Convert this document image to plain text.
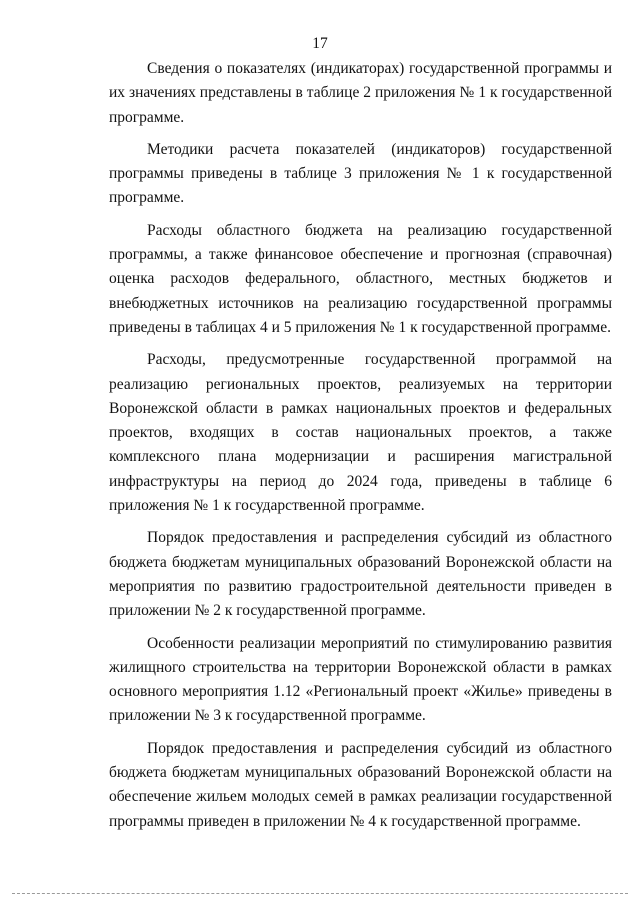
17

Сведения о показателях (индикаторах) государственной программы и их значениях представлены в таблице 2 приложения № 1 к государственной программе.

Методики расчета показателей (индикаторов) государственной программы приведены в таблице 3 приложения № 1 к государственной программе.

Расходы областного бюджета на реализацию государственной программы, а также финансовое обеспечение и прогнозная (справочная) оценка расходов федерального, областного, местных бюджетов и внебюджетных источников на реализацию государственной программы приведены в таблицах 4 и 5 приложения № 1 к государственной программе.

Расходы, предусмотренные государственной программой на реализацию региональных проектов, реализуемых на территории Воронежской области в рамках национальных проектов и федеральных проектов, входящих в состав национальных проектов, а также комплексного плана модернизации и расширения магистральной инфраструктуры на период до 2024 года, приведены в таблице 6 приложения № 1 к государственной программе.

Порядок предоставления и распределения субсидий из областного бюджета бюджетам муниципальных образований Воронежской области на мероприятия по развитию градостроительной деятельности приведен в приложении № 2 к государственной программе.

Особенности реализации мероприятий по стимулированию развития жилищного строительства на территории Воронежской области в рамках основного мероприятия 1.12 «Региональный проект «Жилье» приведены в приложении № 3 к государственной программе.

Порядок предоставления и распределения субсидий из областного бюджета бюджетам муниципальных образований Воронежской области на обеспечение жильем молодых семей в рамках реализации государственной программы приведен в приложении № 4 к государственной программе.
